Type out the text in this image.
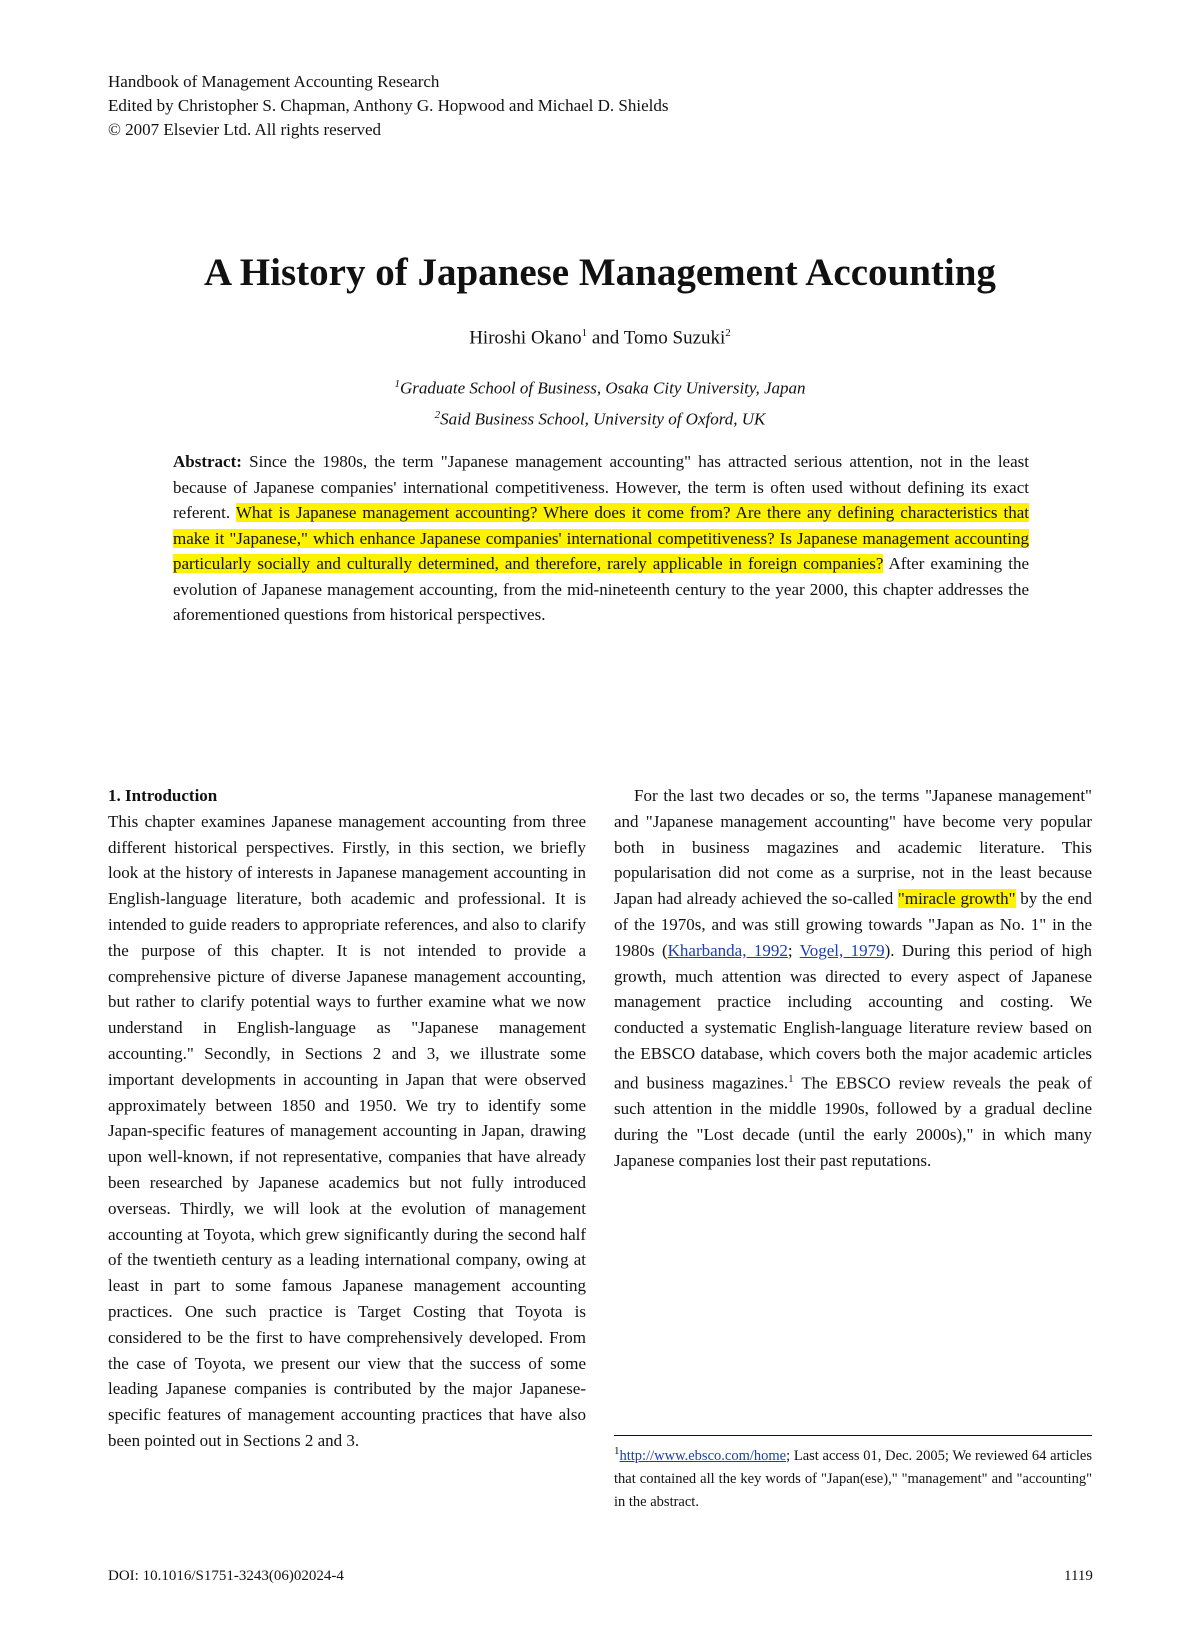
Handbook of Management Accounting Research
Edited by Christopher S. Chapman, Anthony G. Hopwood and Michael D. Shields
© 2007 Elsevier Ltd. All rights reserved
A History of Japanese Management Accounting
Hiroshi Okano$^1$ and Tomo Suzuki$^2$
$^1$Graduate School of Business, Osaka City University, Japan
$^2$Said Business School, University of Oxford, UK
Abstract: Since the 1980s, the term "Japanese management accounting" has attracted serious attention, not in the least because of Japanese companies' international competitiveness. However, the term is often used without defining its exact referent. What is Japanese management accounting? Where does it come from? Are there any defining characteristics that make it "Japanese," which enhance Japanese companies' international competitiveness? Is Japanese management accounting particularly socially and culturally determined, and therefore, rarely applicable in foreign companies? After examining the evolution of Japanese management accounting, from the mid-nineteenth century to the year 2000, this chapter addresses the aforementioned questions from historical perspectives.
1. Introduction

This chapter examines Japanese management accounting from three different historical perspectives. Firstly, in this section, we briefly look at the history of interests in Japanese management accounting in English-language literature, both academic and professional. It is intended to guide readers to appropriate references, and also to clarify the purpose of this chapter. It is not intended to provide a comprehensive picture of diverse Japanese management accounting, but rather to clarify potential ways to further examine what we now understand in English-language as "Japanese management accounting." Secondly, in Sections 2 and 3, we illustrate some important developments in accounting in Japan that were observed approximately between 1850 and 1950. We try to identify some Japan-specific features of management accounting in Japan, drawing upon well-known, if not representative, companies that have already been researched by Japanese academics but not fully introduced overseas. Thirdly, we will look at the evolution of management accounting at Toyota, which grew significantly during the second half of the twentieth century as a leading international company, owing at least in part to some famous Japanese management accounting practices. One such practice is Target Costing that Toyota is considered to be the first to have comprehensively developed. From the case of Toyota, we present our view that the success of some leading Japanese companies is contributed by the major Japanese-specific features of management accounting practices that have also been pointed out in Sections 2 and 3.

For the last two decades or so, the terms "Japanese management" and "Japanese management accounting" have become very popular both in business magazines and academic literature. This popularisation did not come as a surprise, not in the least because Japan had already achieved the so-called "miracle growth" by the end of the 1970s, and was still growing towards "Japan as No. 1" in the 1980s (Kharbanda, 1992; Vogel, 1979). During this period of high growth, much attention was directed to every aspect of Japanese management practice including accounting and costing. We conducted a systematic English-language literature review based on the EBSCO database, which covers both the major academic articles and business magazines.$^1$ The EBSCO review reveals the peak of such attention in the middle 1990s, followed by a gradual decline during the "Lost decade (until the early 2000s)," in which many Japanese companies lost their past reputations.

$^1$http://www.ebsco.com/home; Last access 01, Dec. 2005; We reviewed 64 articles that contained all the key words of "Japan(ese)," "management" and "accounting" in the abstract.
DOI: 10.1016/S1751-3243(06)02024-4	1119
